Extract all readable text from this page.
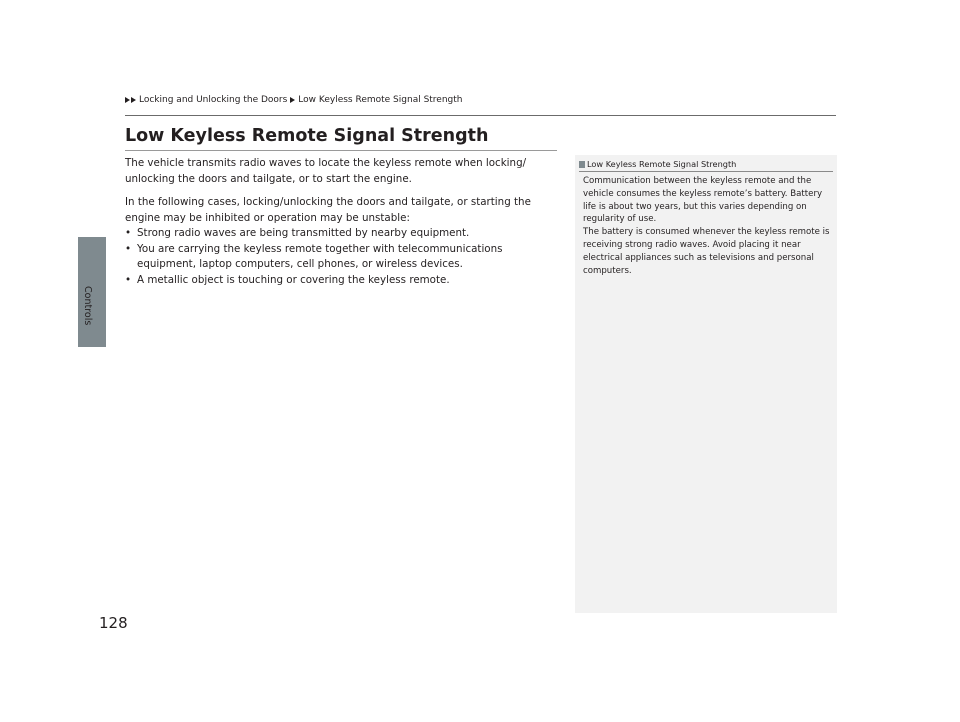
Controls
Locking and Unlocking the Doors Low Keyless Remote Signal Strength
Low Keyless Remote Signal Strength

The vehicle transmits radio waves to locate the keyless remote when locking/ unlocking the doors and tailgate, or to start the engine.

In the following cases, locking/unlocking the doors and tailgate, or starting the engine may be inhibited or operation may be unstable:

• Strong radio waves are being transmitted by nearby equipment.
• You are carrying the keyless remote together with telecommunications equipment, laptop computers, cell phones, or wireless devices.
• A metallic object is touching or covering the keyless remote.
Low Keyless Remote Signal Strength

Communication between the keyless remote and the vehicle consumes the keyless remote’s battery. Battery life is about two years, but this varies depending on regularity of use.

The battery is consumed whenever the keyless remote is receiving strong radio waves. Avoid placing it near electrical appliances such as televisions and personal computers.

128
